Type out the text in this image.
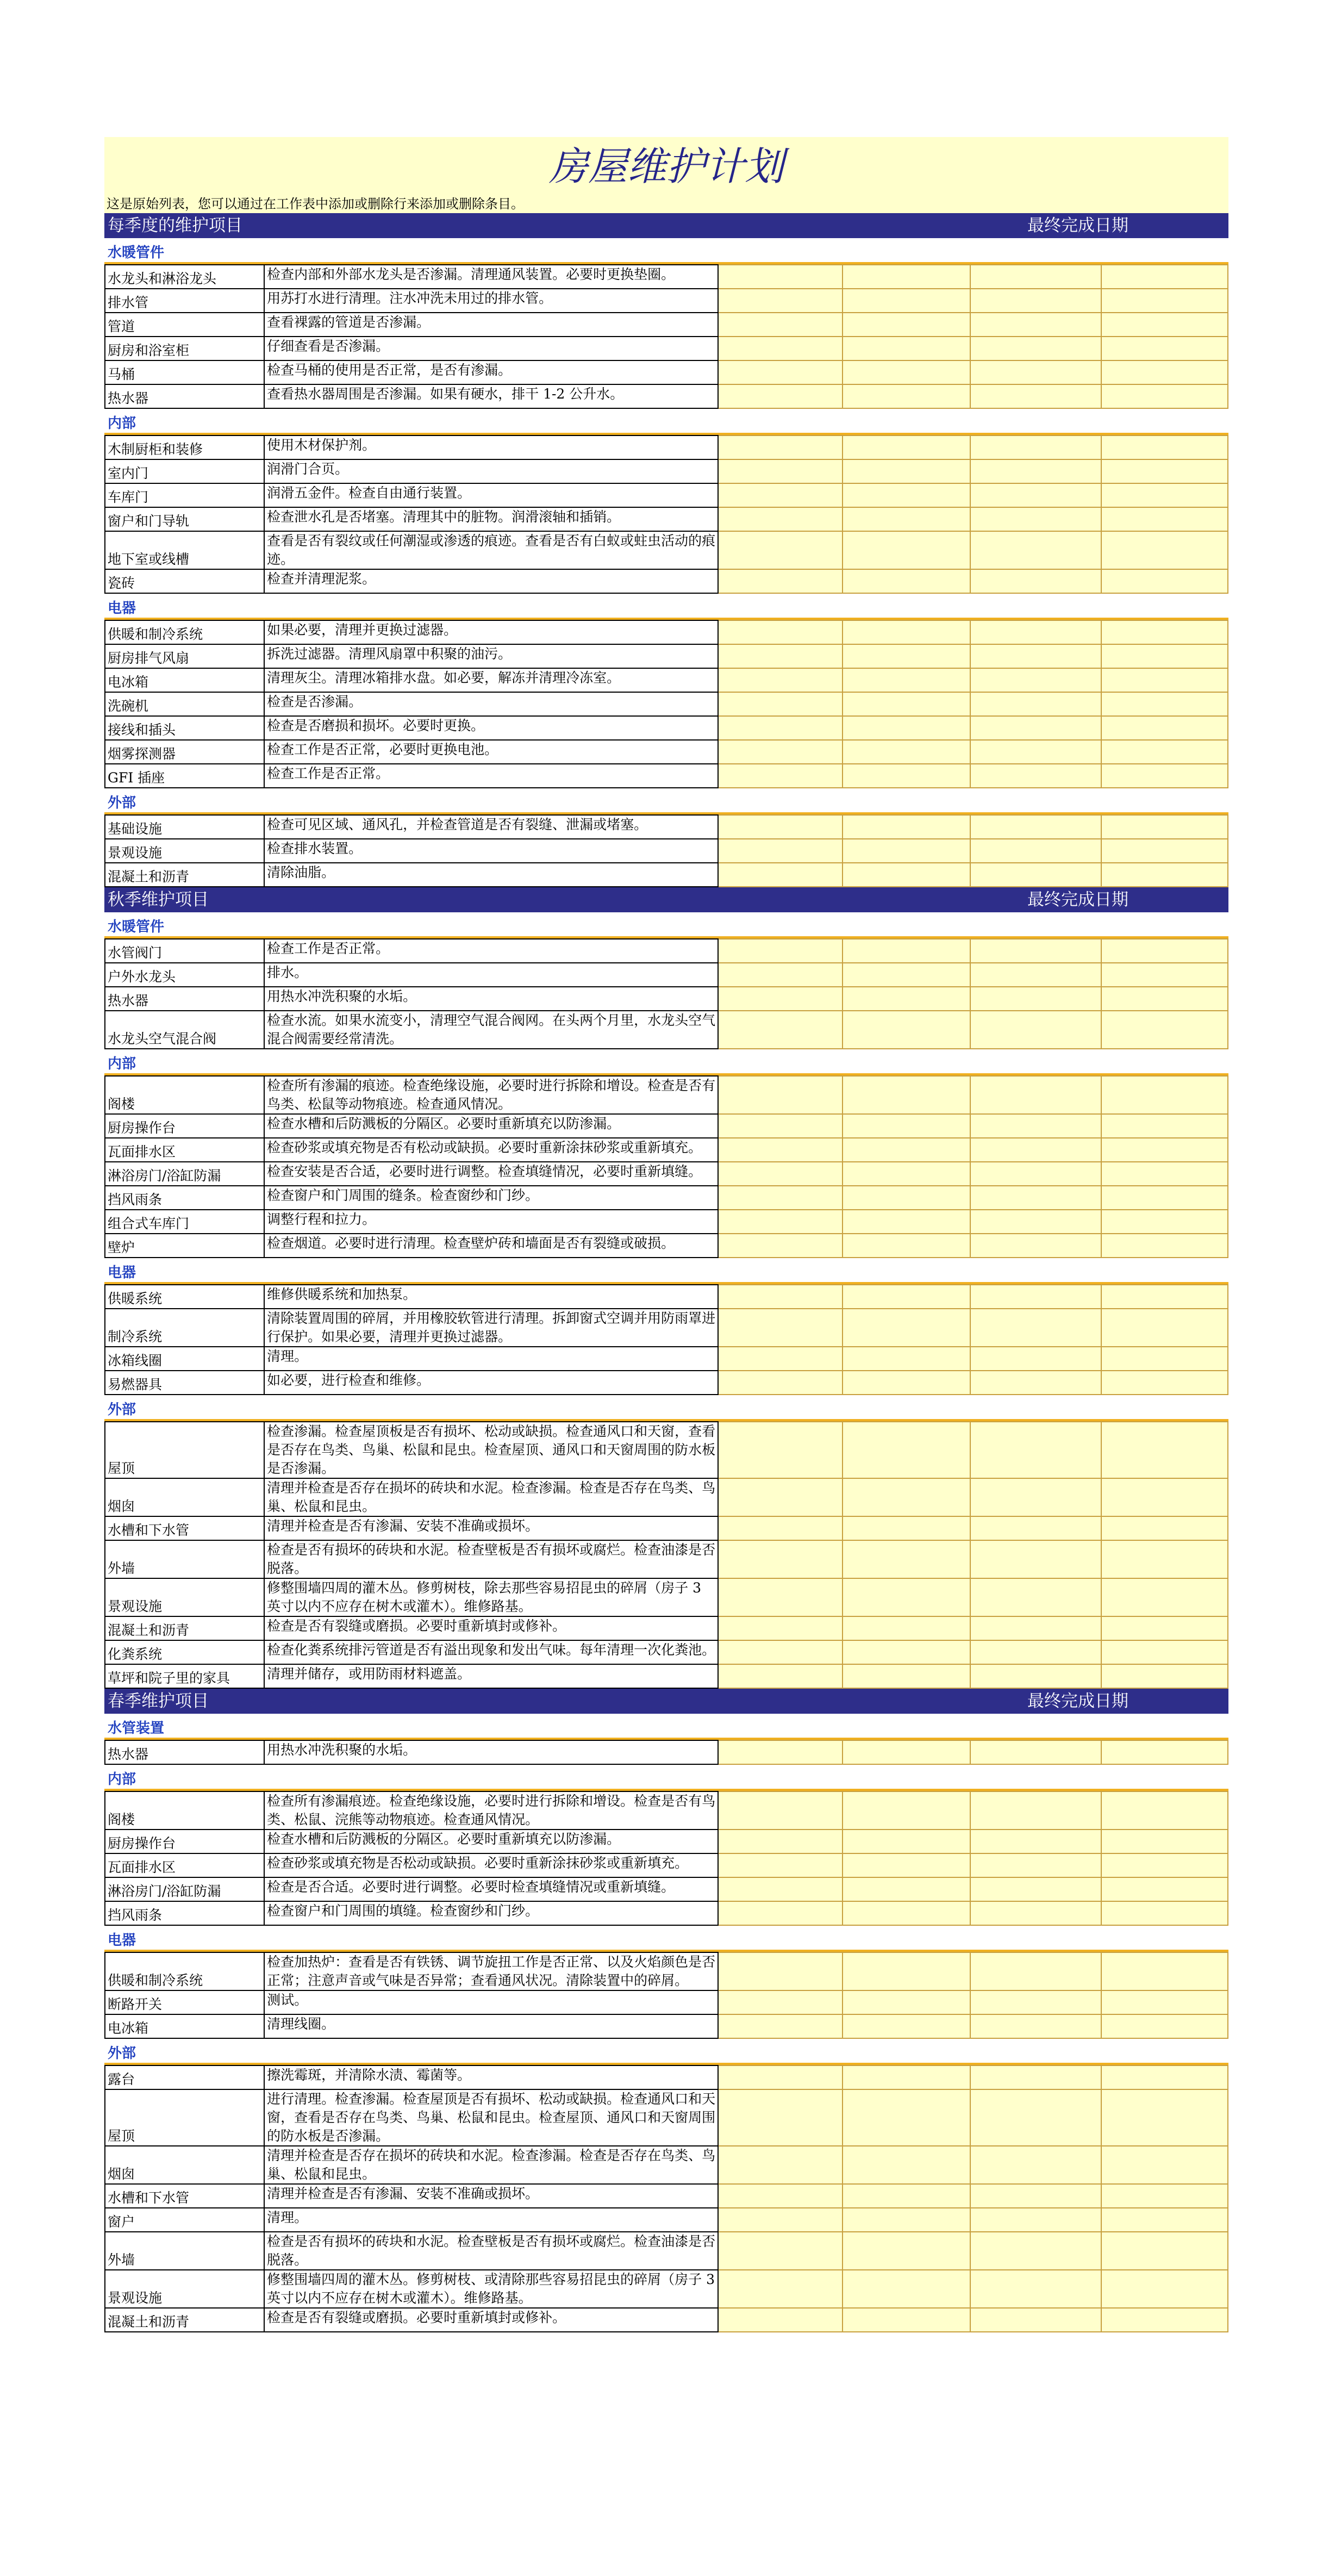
房屋维护计划
这是原始列表，您可以通过在工作表中添加或删除行来添加或删除条目。
每季度的维护项目	最终完成日期
水暖管件
水龙头和淋浴龙头	检查内部和外部水龙头是否渗漏。清理通风装置。必要时更换垫圈。				
排水管	用苏打水进行清理。注水冲洗未用过的排水管。				
管道	查看裸露的管道是否渗漏。				
厨房和浴室柜	仔细查看是否渗漏。				
马桶	检查马桶的使用是否正常，是否有渗漏。				
热水器	查看热水器周围是否渗漏。如果有硬水，排干 1-2 公升水。				
内部
木制厨柜和装修	使用木材保护剂。				
室内门	润滑门合页。				
车库门	润滑五金件。检查自由通行装置。				
窗户和门导轨	检查泄水孔是否堵塞。清理其中的脏物。润滑滚轴和插销。				
地下室或线槽	查看是否有裂纹或任何潮湿或渗透的痕迹。查看是否有白蚁或蛀虫活动的痕迹。				
瓷砖	检查并清理泥浆。				
电器
供暖和制冷系统	如果必要，清理并更换过滤器。				
厨房排气风扇	拆洗过滤器。清理风扇罩中积聚的油污。				
电冰箱	清理灰尘。清理冰箱排水盘。如必要，解冻并清理冷冻室。				
洗碗机	检查是否渗漏。				
接线和插头	检查是否磨损和损坏。必要时更换。				
烟雾探测器	检查工作是否正常，必要时更换电池。				
GFI 插座	检查工作是否正常。				
外部
基础设施	检查可见区域、通风孔，并检查管道是否有裂缝、泄漏或堵塞。				
景观设施	检查排水装置。				
混凝土和沥青	清除油脂。				
秋季维护项目	最终完成日期
水暖管件
水管阀门	检查工作是否正常。				
户外水龙头	排水。				
热水器	用热水冲洗积聚的水垢。				
水龙头空气混合阀	检查水流。如果水流变小，清理空气混合阀网。在头两个月里，水龙头空气混合阀需要经常清洗。				
内部
阁楼	检查所有渗漏的痕迹。检查绝缘设施，必要时进行拆除和增设。检查是否有鸟类、松鼠等动物痕迹。检查通风情况。				
厨房操作台	检查水槽和后防溅板的分隔区。必要时重新填充以防渗漏。				
瓦面排水区	检查砂浆或填充物是否有松动或缺损。必要时重新涂抹砂浆或重新填充。				
淋浴房门/浴缸防漏	检查安装是否合适，必要时进行调整。检查填缝情况，必要时重新填缝。				
挡风雨条	检查窗户和门周围的缝条。检查窗纱和门纱。				
组合式车库门	调整行程和拉力。				
壁炉	检查烟道。必要时进行清理。检查壁炉砖和墙面是否有裂缝或破损。				
电器
供暖系统	维修供暖系统和加热泵。				
制冷系统	清除装置周围的碎屑，并用橡胶软管进行清理。拆卸窗式空调并用防雨罩进行保护。如果必要，清理并更换过滤器。				
冰箱线圈	清理。				
易燃器具	如必要，进行检查和维修。				
外部
屋顶	检查渗漏。检查屋顶板是否有损坏、松动或缺损。检查通风口和天窗，查看是否存在鸟类、鸟巢、松鼠和昆虫。检查屋顶、通风口和天窗周围的防水板是否渗漏。				
烟囱	清理并检查是否存在损坏的砖块和水泥。检查渗漏。检查是否存在鸟类、鸟巢、松鼠和昆虫。				
水槽和下水管	清理并检查是否有渗漏、安装不准确或损坏。				
外墙	检查是否有损坏的砖块和水泥。检查壁板是否有损坏或腐烂。检查油漆是否脱落。				
景观设施	修整围墙四周的灌木丛。修剪树枝，除去那些容易招昆虫的碎屑（房子 3 英寸以内不应存在树木或灌木）。维修路基。				
混凝土和沥青	检查是否有裂缝或磨损。必要时重新填封或修补。				
化粪系统	检查化粪系统排污管道是否有溢出现象和发出气味。每年清理一次化粪池。				
草坪和院子里的家具	清理并储存，或用防雨材料遮盖。				
春季维护项目	最终完成日期
水管装置
热水器	用热水冲洗积聚的水垢。				
内部
阁楼	检查所有渗漏痕迹。检查绝缘设施，必要时进行拆除和增设。检查是否有鸟类、松鼠、浣熊等动物痕迹。检查通风情况。				
厨房操作台	检查水槽和后防溅板的分隔区。必要时重新填充以防渗漏。				
瓦面排水区	检查砂浆或填充物是否松动或缺损。必要时重新涂抹砂浆或重新填充。				
淋浴房门/浴缸防漏	检查是否合适。必要时进行调整。必要时检查填缝情况或重新填缝。				
挡风雨条	检查窗户和门周围的填缝。检查窗纱和门纱。				
电器
供暖和制冷系统	检查加热炉：查看是否有铁锈、调节旋扭工作是否正常、以及火焰颜色是否正常；注意声音或气味是否异常；查看通风状况。清除装置中的碎屑。				
断路开关	测试。				
电冰箱	清理线圈。				
外部
露台	擦洗霉斑，并清除水渍、霉菌等。				
屋顶	进行清理。检查渗漏。检查屋顶是否有损坏、松动或缺损。检查通风口和天窗，查看是否存在鸟类、鸟巢、松鼠和昆虫。检查屋顶、通风口和天窗周围的防水板是否渗漏。				
烟囱	清理并检查是否存在损坏的砖块和水泥。检查渗漏。检查是否存在鸟类、鸟巢、松鼠和昆虫。				
水槽和下水管	清理并检查是否有渗漏、安装不准确或损坏。				
窗户	清理。				
外墙	检查是否有损坏的砖块和水泥。检查壁板是否有损坏或腐烂。检查油漆是否脱落。				
景观设施	修整围墙四周的灌木丛。修剪树枝、或清除那些容易招昆虫的碎屑（房子 3 英寸以内不应存在树木或灌木）。维修路基。				
混凝土和沥青	检查是否有裂缝或磨损。必要时重新填封或修补。				
